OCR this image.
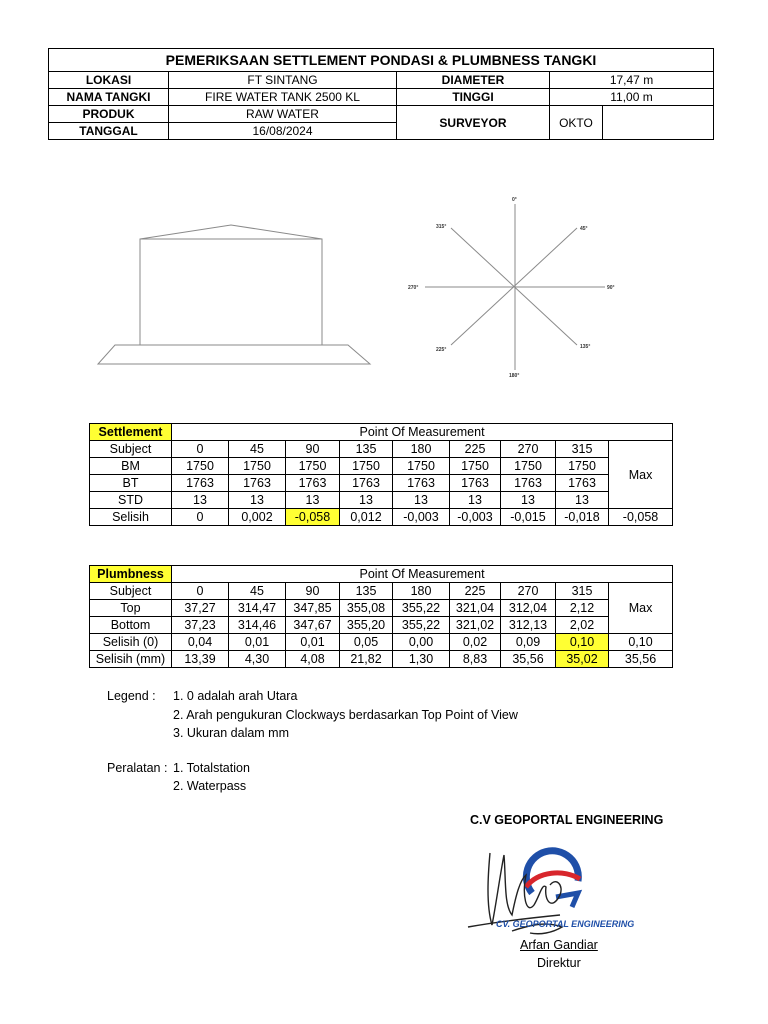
PEMERIKSAAN SETTLEMENT PONDASI & PLUMBNESS TANGKI				
LOKASI	FT SINTANG	DIAMETER	17,47 m	
NAMA TANGKI	FIRE WATER TANK 2500 KL	TINGGI	11,00 m	
PRODUK	RAW WATER	SURVEYOR	OKTO	
TANGGAL	16/08/2024			
0°
45°
90°
135°
180°
225°
270°
315°
Settlement	Point Of Measurement								
Subject	0	45	90	135	180	225	270	315	Max
BM	1750	1750	1750	1750	1750	1750	1750	1750	
BT	1763	1763	1763	1763	1763	1763	1763	1763	
STD	13	13	13	13	13	13	13	13	
Selisih	0	0,002	-0,058	0,012	-0,003	-0,003	-0,015	-0,018	-0,058
Plumbness	Point Of Measurement								
Subject	0	45	90	135	180	225	270	315	Max
Top	37,27	314,47	347,85	355,08	355,22	321,04	312,04	2,12	
Bottom	37,23	314,46	347,67	355,20	355,22	321,02	312,13	2,02	
Selisih (0)	0,04	0,01	0,01	0,05	0,00	0,02	0,09	0,10	0,10
Selisih (mm)	13,39	4,30	4,08	21,82	1,30	8,83	35,56	35,02	35,56
Legend : 1. 0 adalah arah Utara
2. Arah pengukuran Clockways berdasarkan Top Point of View
3. Ukuran dalam mm
Peralatan : 1. Totalstation
2. Waterpass
C.V GEOPORTAL ENGINEERING
CV. GEOPORTAL ENGINEERING
Arfan Gandiar
Direktur
